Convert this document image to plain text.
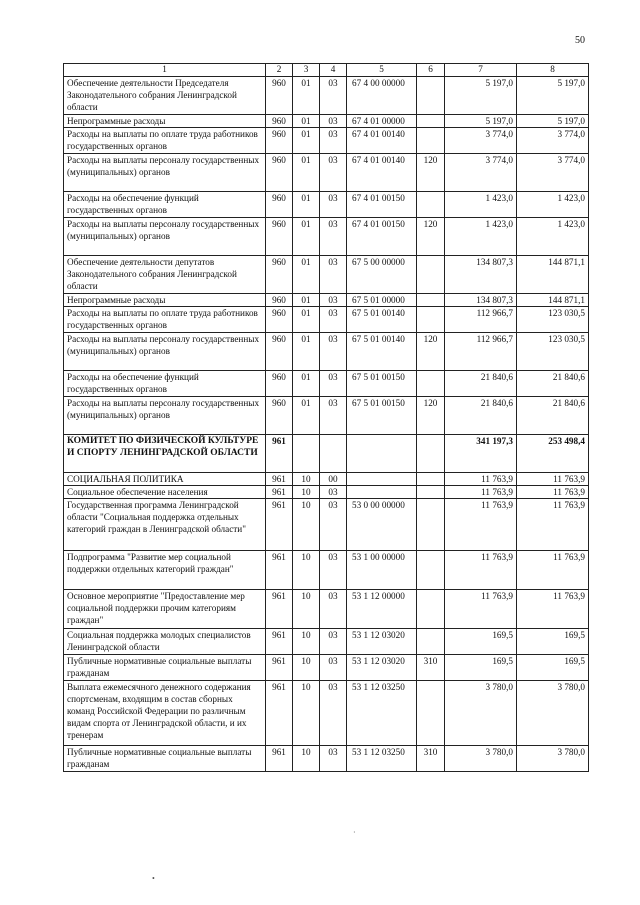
50
1	2	3	4	5	6	7	8
Обеспечение деятельности Председателя Законодательного собрания Ленинградской области	960	01	03	67 4 00 00000		5 197,0	5 197,0
Непрограммные расходы	960	01	03	67 4 01 00000		5 197,0	5 197,0
Расходы на выплаты по оплате труда работников государственных органов	960	01	03	67 4 01 00140		3 774,0	3 774,0
Расходы на выплаты персоналу государственных (муниципальных) органов	960	01	03	67 4 01 00140	120	3 774,0	3 774,0
Расходы на обеспечение функций государственных органов	960	01	03	67 4 01 00150		1 423,0	1 423,0
Расходы на выплаты персоналу государственных (муниципальных) органов	960	01	03	67 4 01 00150	120	1 423,0	1 423,0
Обеспечение деятельности депутатов Законодательного собрания Ленинградской области	960	01	03	67 5 00 00000		134 807,3	144 871,1
Непрограммные расходы	960	01	03	67 5 01 00000		134 807,3	144 871,1
Расходы на выплаты по оплате труда работников государственных органов	960	01	03	67 5 01 00140		112 966,7	123 030,5
Расходы на выплаты персоналу государственных (муниципальных) органов	960	01	03	67 5 01 00140	120	112 966,7	123 030,5
Расходы на обеспечение функций государственных органов	960	01	03	67 5 01 00150		21 840,6	21 840,6
Расходы на выплаты персоналу государственных (муниципальных) органов	960	01	03	67 5 01 00150	120	21 840,6	21 840,6
КОМИТЕТ ПО ФИЗИЧЕСКОЙ КУЛЬТУРЕ И СПОРТУ ЛЕНИНГРАДСКОЙ ОБЛАСТИ	961					341 197,3	253 498,4
СОЦИАЛЬНАЯ ПОЛИТИКА	961	10	00			11 763,9	11 763,9
Социальное обеспечение населения	961	10	03			11 763,9	11 763,9
Государственная программа Ленинградской области "Социальная поддержка отдельных категорий граждан в Ленинградской области"	961	10	03	53 0 00 00000		11 763,9	11 763,9
Подпрограмма "Развитие мер социальной поддержки отдельных категорий граждан"	961	10	03	53 1 00 00000		11 763,9	11 763,9
Основное мероприятие "Предоставление мер социальной поддержки прочим категориям граждан"	961	10	03	53 1 12 00000		11 763,9	11 763,9
Социальная поддержка молодых специалистов Ленинградской области	961	10	03	53 1 12 03020		169,5	169,5
Публичные нормативные социальные выплаты гражданам	961	10	03	53 1 12 03020	310	169,5	169,5
Выплата ежемесячного денежного содержания спортсменам, входящим в состав сборных команд Российской Федерации по различным видам спорта от Ленинградской области, и их тренерам	961	10	03	53 1 12 03250		3 780,0	3 780,0
Публичные нормативные социальные выплаты гражданам	961	10	03	53 1 12 03250	310	3 780,0	3 780,0
·
•
